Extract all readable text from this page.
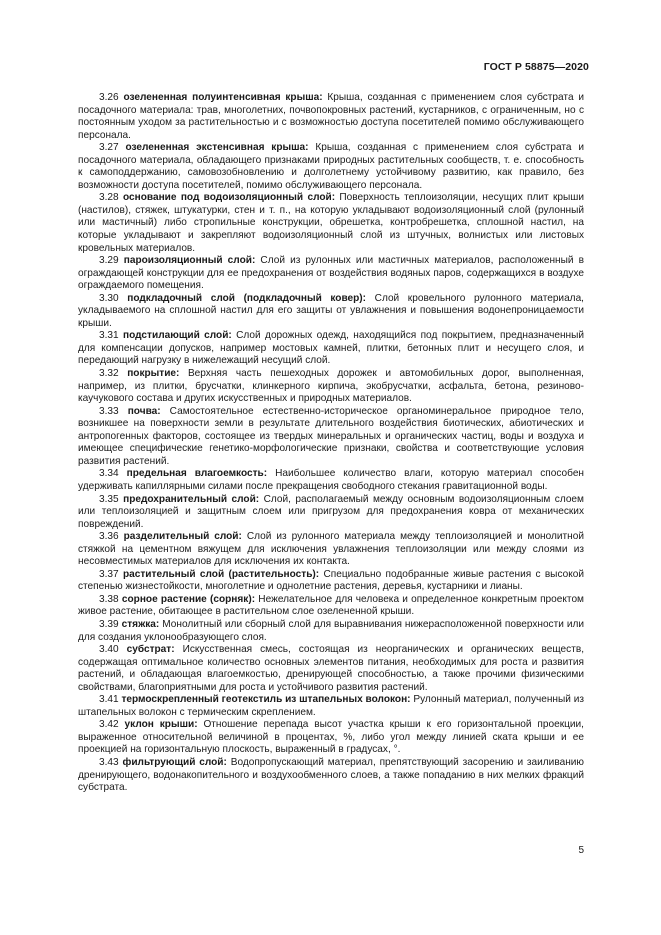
ГОСТ Р 58875—2020

3.26 озелененная полуинтенсивная крыша: Крыша, созданная с применением слоя субстрата и посадочного материала: трав, многолетних, почвопокровных растений, кустарников, с ограниченным, но с постоянным уходом за растительностью и с возможностью доступа посетителей помимо обслуживающего персонала.

3.27 озелененная экстенсивная крыша: Крыша, созданная с применением слоя субстрата и посадочного материала, обладающего признаками природных растительных сообществ, т. е. способность к самоподдержанию, самовозобновлению и долголетнему устойчивому развитию, как правило, без возможности доступа посетителей, помимо обслуживающего персонала.

3.28 основание под водоизоляционный слой: Поверхность теплоизоляции, несущих плит крыши (настилов), стяжек, штукатурки, стен и т. п., на которую укладывают водоизоляционный слой (рулонный или мастичный) либо стропильные конструкции, обрешетка, контробрешетка, сплошной настил, на которые укладывают и закрепляют водоизоляционный слой из штучных, волнистых или листовых кровельных материалов.

3.29 пароизоляционный слой: Слой из рулонных или мастичных материалов, расположенный в ограждающей конструкции для ее предохранения от воздействия водяных паров, содержащихся в воздухе ограждаемого помещения.

3.30 подкладочный слой (подкладочный ковер): Слой кровельного рулонного материала, укладываемого на сплошной настил для его защиты от увлажнения и повышения водонепроницаемости крыши.

3.31 подстилающий слой: Слой дорожных одежд, находящийся под покрытием, предназначенный для компенсации допусков, например мостовых камней, плитки, бетонных плит и несущего слоя, и передающий нагрузку в нижележащий несущий слой.

3.32 покрытие: Верхняя часть пешеходных дорожек и автомобильных дорог, выполненная, например, из плитки, брусчатки, клинкерного кирпича, экобрусчатки, асфальта, бетона, резиново-каучукового состава и других искусственных и природных материалов.

3.33 почва: Самостоятельное естественно-историческое органоминеральное природное тело, возникшее на поверхности земли в результате длительного воздействия биотических, абиотических и антропогенных факторов, состоящее из твердых минеральных и органических частиц, воды и воздуха и имеющее специфические генетико-морфологические признаки, свойства и соответствующие условия развития растений.

3.34 предельная влагоемкость: Наибольшее количество влаги, которую материал способен удерживать капиллярными силами после прекращения свободного стекания гравитационной воды.

3.35 предохранительный слой: Слой, располагаемый между основным водоизоляционным слоем или теплоизоляцией и защитным слоем или пригрузом для предохранения ковра от механических повреждений.

3.36 разделительный слой: Слой из рулонного материала между теплоизоляцией и монолитной стяжкой на цементном вяжущем для исключения увлажнения теплоизоляции или между слоями из несовместимых материалов для исключения их контакта.

3.37 растительный слой (растительность): Специально подобранные живые растения с высокой степенью жизнестойкости, многолетние и однолетние растения, деревья, кустарники и лианы.

3.38 сорное растение (сорняк): Нежелательное для человека и определенное конкретным проектом живое растение, обитающее в растительном слое озелененной крыши.

3.39 стяжка: Монолитный или сборный слой для выравнивания нижерасположенной поверхности или для создания уклонообразующего слоя.

3.40 субстрат: Искусственная смесь, состоящая из неорганических и органических веществ, содержащая оптимальное количество основных элементов питания, необходимых для роста и развития растений, и обладающая влагоемкостью, дренирующей способностью, а также прочими физическими свойствами, благоприятными для роста и устойчивого развития растений.

3.41 термоскрепленный геотекстиль из штапельных волокон: Рулонный материал, полученный из штапельных волокон с термическим скреплением.

3.42 уклон крыши: Отношение перепада высот участка крыши к его горизонтальной проекции, выраженное относительной величиной в процентах, %, либо угол между линией ската крыши и ее проекцией на горизонтальную плоскость, выраженный в градусах, °.

3.43 фильтрующий слой: Водопропускающий материал, препятствующий засорению и заиливанию дренирующего, водонакопительного и воздухообменного слоев, а также попаданию в них мелких фракций субстрата.

5
